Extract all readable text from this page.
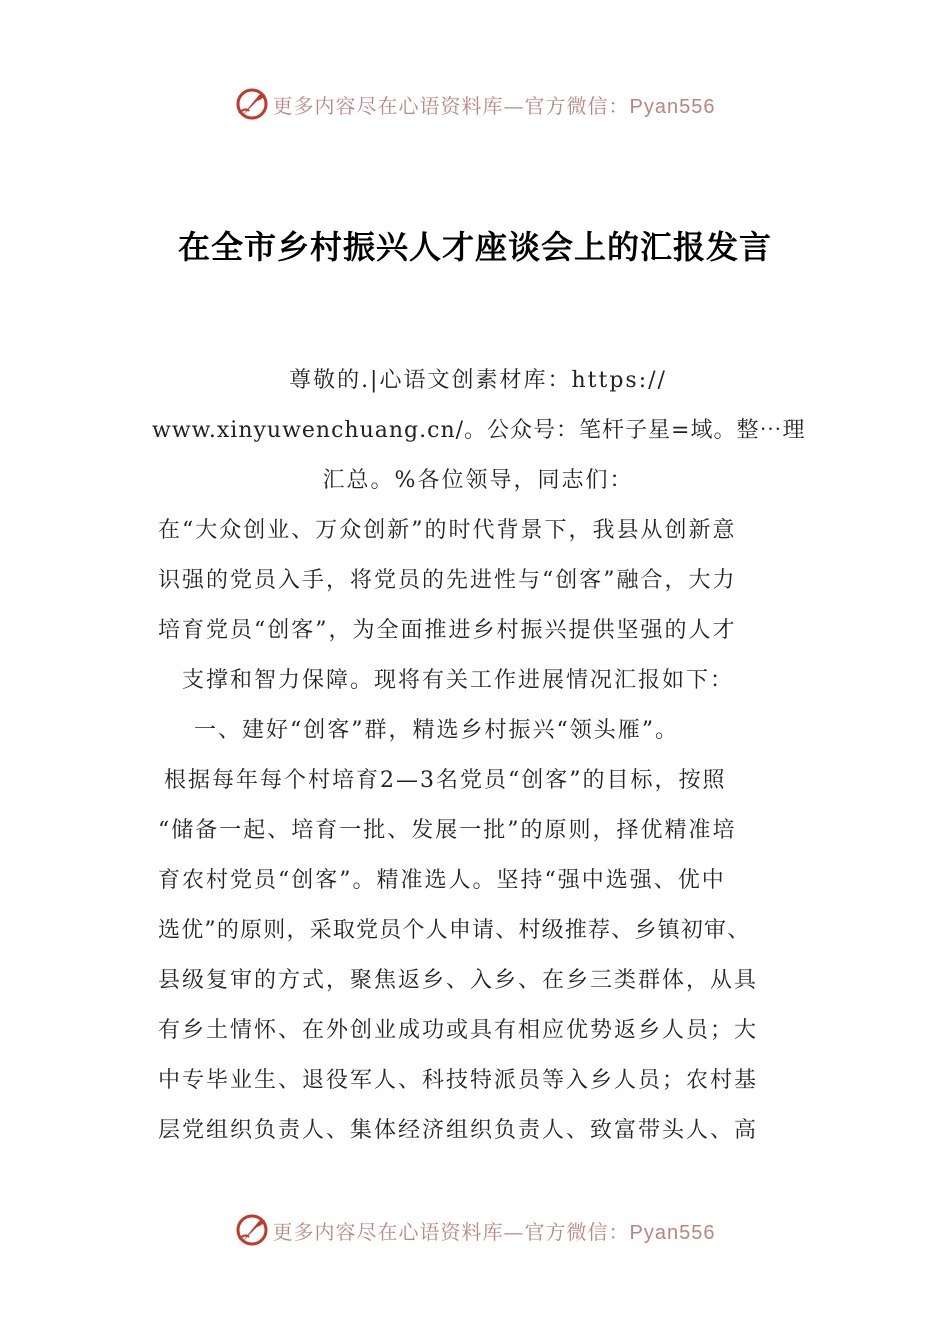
更多内容尽在心语资料库—官方微信：Pyan556
在全市乡村振兴人才座谈会上的汇报发言
尊敬的.|心语文创素材库：https://
www.xinyuwenchuang.cn/。公众号：笔杆子星=域。整⋯理
汇总。%各位领导，同志们：
在“大众创业、万众创新”的时代背景下，我县从创新意
识强的党员入手，将党员的先进性与“创客”融合，大力
培育党员“创客”，为全面推进乡村振兴提供坚强的人才
支撑和智力保障。现将有关工作进展情况汇报如下：
一、建好“创客”群，精选乡村振兴“领头雁”。
根据每年每个村培育2—3名党员“创客”的目标，按照
“储备一起、培育一批、发展一批”的原则，择优精准培
育农村党员“创客”。精准选人。坚持“强中选强、优中
选优”的原则，采取党员个人申请、村级推荐、乡镇初审、
县级复审的方式，聚焦返乡、入乡、在乡三类群体，从具
有乡土情怀、在外创业成功或具有相应优势返乡人员；大
中专毕业生、退役军人、科技特派员等入乡人员；农村基
层党组织负责人、集体经济组织负责人、致富带头人、高
更多内容尽在心语资料库—官方微信：Pyan556
